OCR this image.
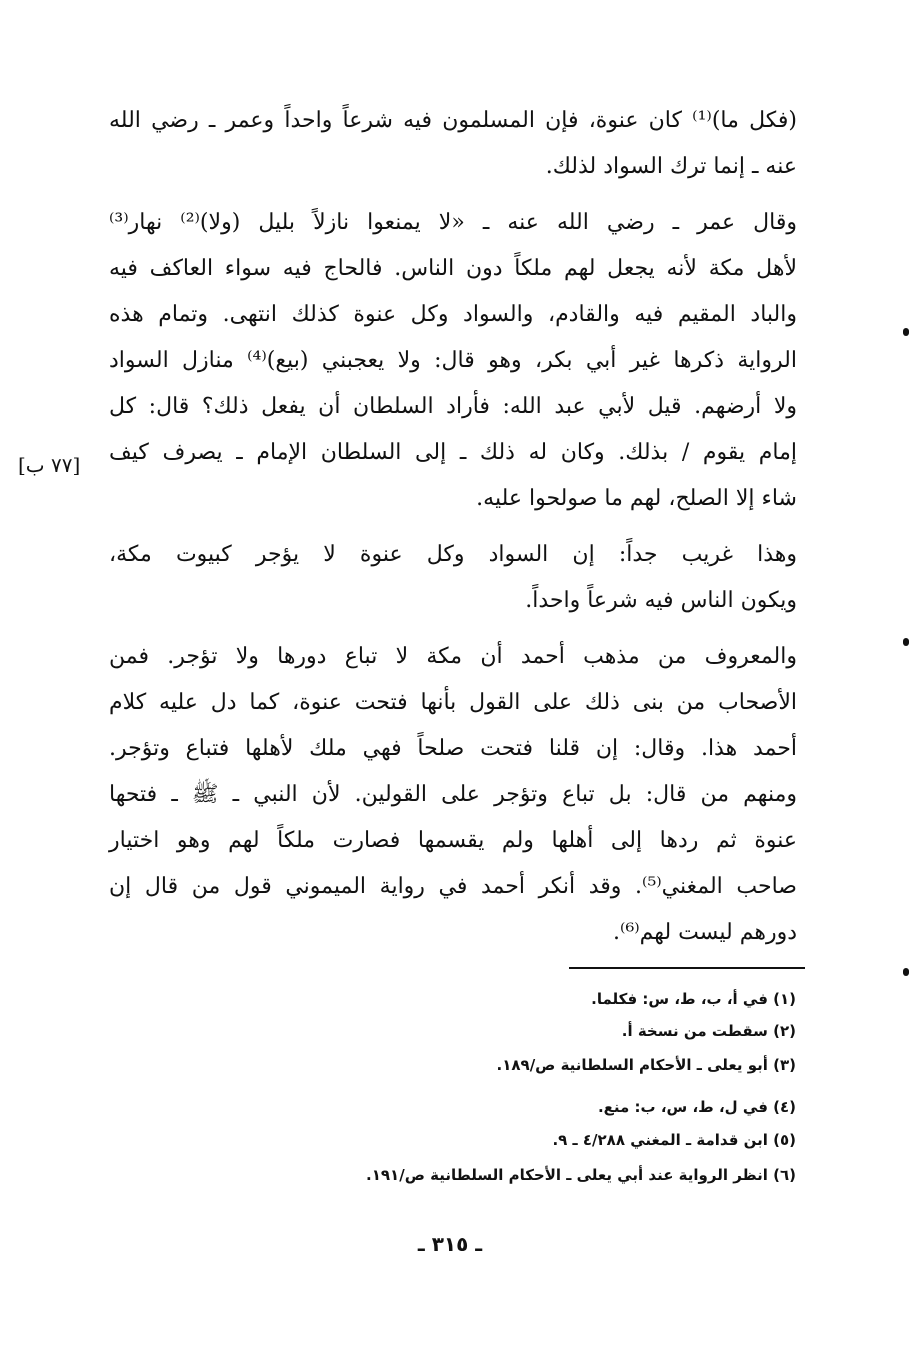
(فكل ما)⁽¹⁾ كان عنوة، فإن المسلمون فيه شرعاً واحداً وعمر ـ رضي الله
عنه ـ إنما ترك السواد لذلك.
وقال عمر ـ رضي الله عنه ـ «لا يمنعوا نازلاً بليل (ولا)⁽²⁾ نهار⁽³⁾
لأهل مكة لأنه يجعل لهم ملكاً دون الناس. فالحاج فيه سواء العاكف فيه
والباد المقيم فيه والقادم، والسواد وكل عنوة كذلك انتهى. وتمام هذه
الرواية ذكرها غير أبي بكر، وهو قال: ولا يعجبني (بيع)⁽⁴⁾ منازل السواد
ولا أرضهم. قيل لأبي عبد الله: فأراد السلطان أن يفعل ذلك؟ قال: كل
إمام يقوم / بذلك. وكان له ذلك ـ إلى السلطان الإمام ـ يصرف كيف
شاء إلا الصلح، لهم ما صولحوا عليه.
وهذا غريب جداً: إن السواد وكل عنوة لا يؤجر كبيوت مكة،
ويكون الناس فيه شرعاً واحداً.
والمعروف من مذهب أحمد أن مكة لا تباع دورها ولا تؤجر. فمن
الأصحاب من بنى ذلك على القول بأنها فتحت عنوة، كما دل عليه كلام
أحمد هذا. وقال: إن قلنا فتحت صلحاً فهي ملك لأهلها فتباع وتؤجر.
ومنهم من قال: بل تباع وتؤجر على القولين. لأن النبي ـ ﷺ ـ فتحها
عنوة ثم ردها إلى أهلها ولم يقسمها فصارت ملكاً لهم وهو اختيار
صاحب المغني⁽⁵⁾. وقد أنكر أحمد في رواية الميموني قول من قال إن
دورهم ليست لهم⁽⁶⁾.
[٧٧ ب]
(١) في أ، ب، ط، س: فكلما.
(٢) سقطت من نسخة أ.
(٣) أبو يعلى ـ الأحكام السلطانية ص/١٨٩.
(٤) في ل، ط، س، ب: منع.
(٥) ابن قدامة ـ المغني ٤/٢٨٨ ـ ٩.
(٦) انظر الرواية عند أبي يعلى ـ الأحكام السلطانية ص/١٩١.
ـ ٣١٥ ـ
